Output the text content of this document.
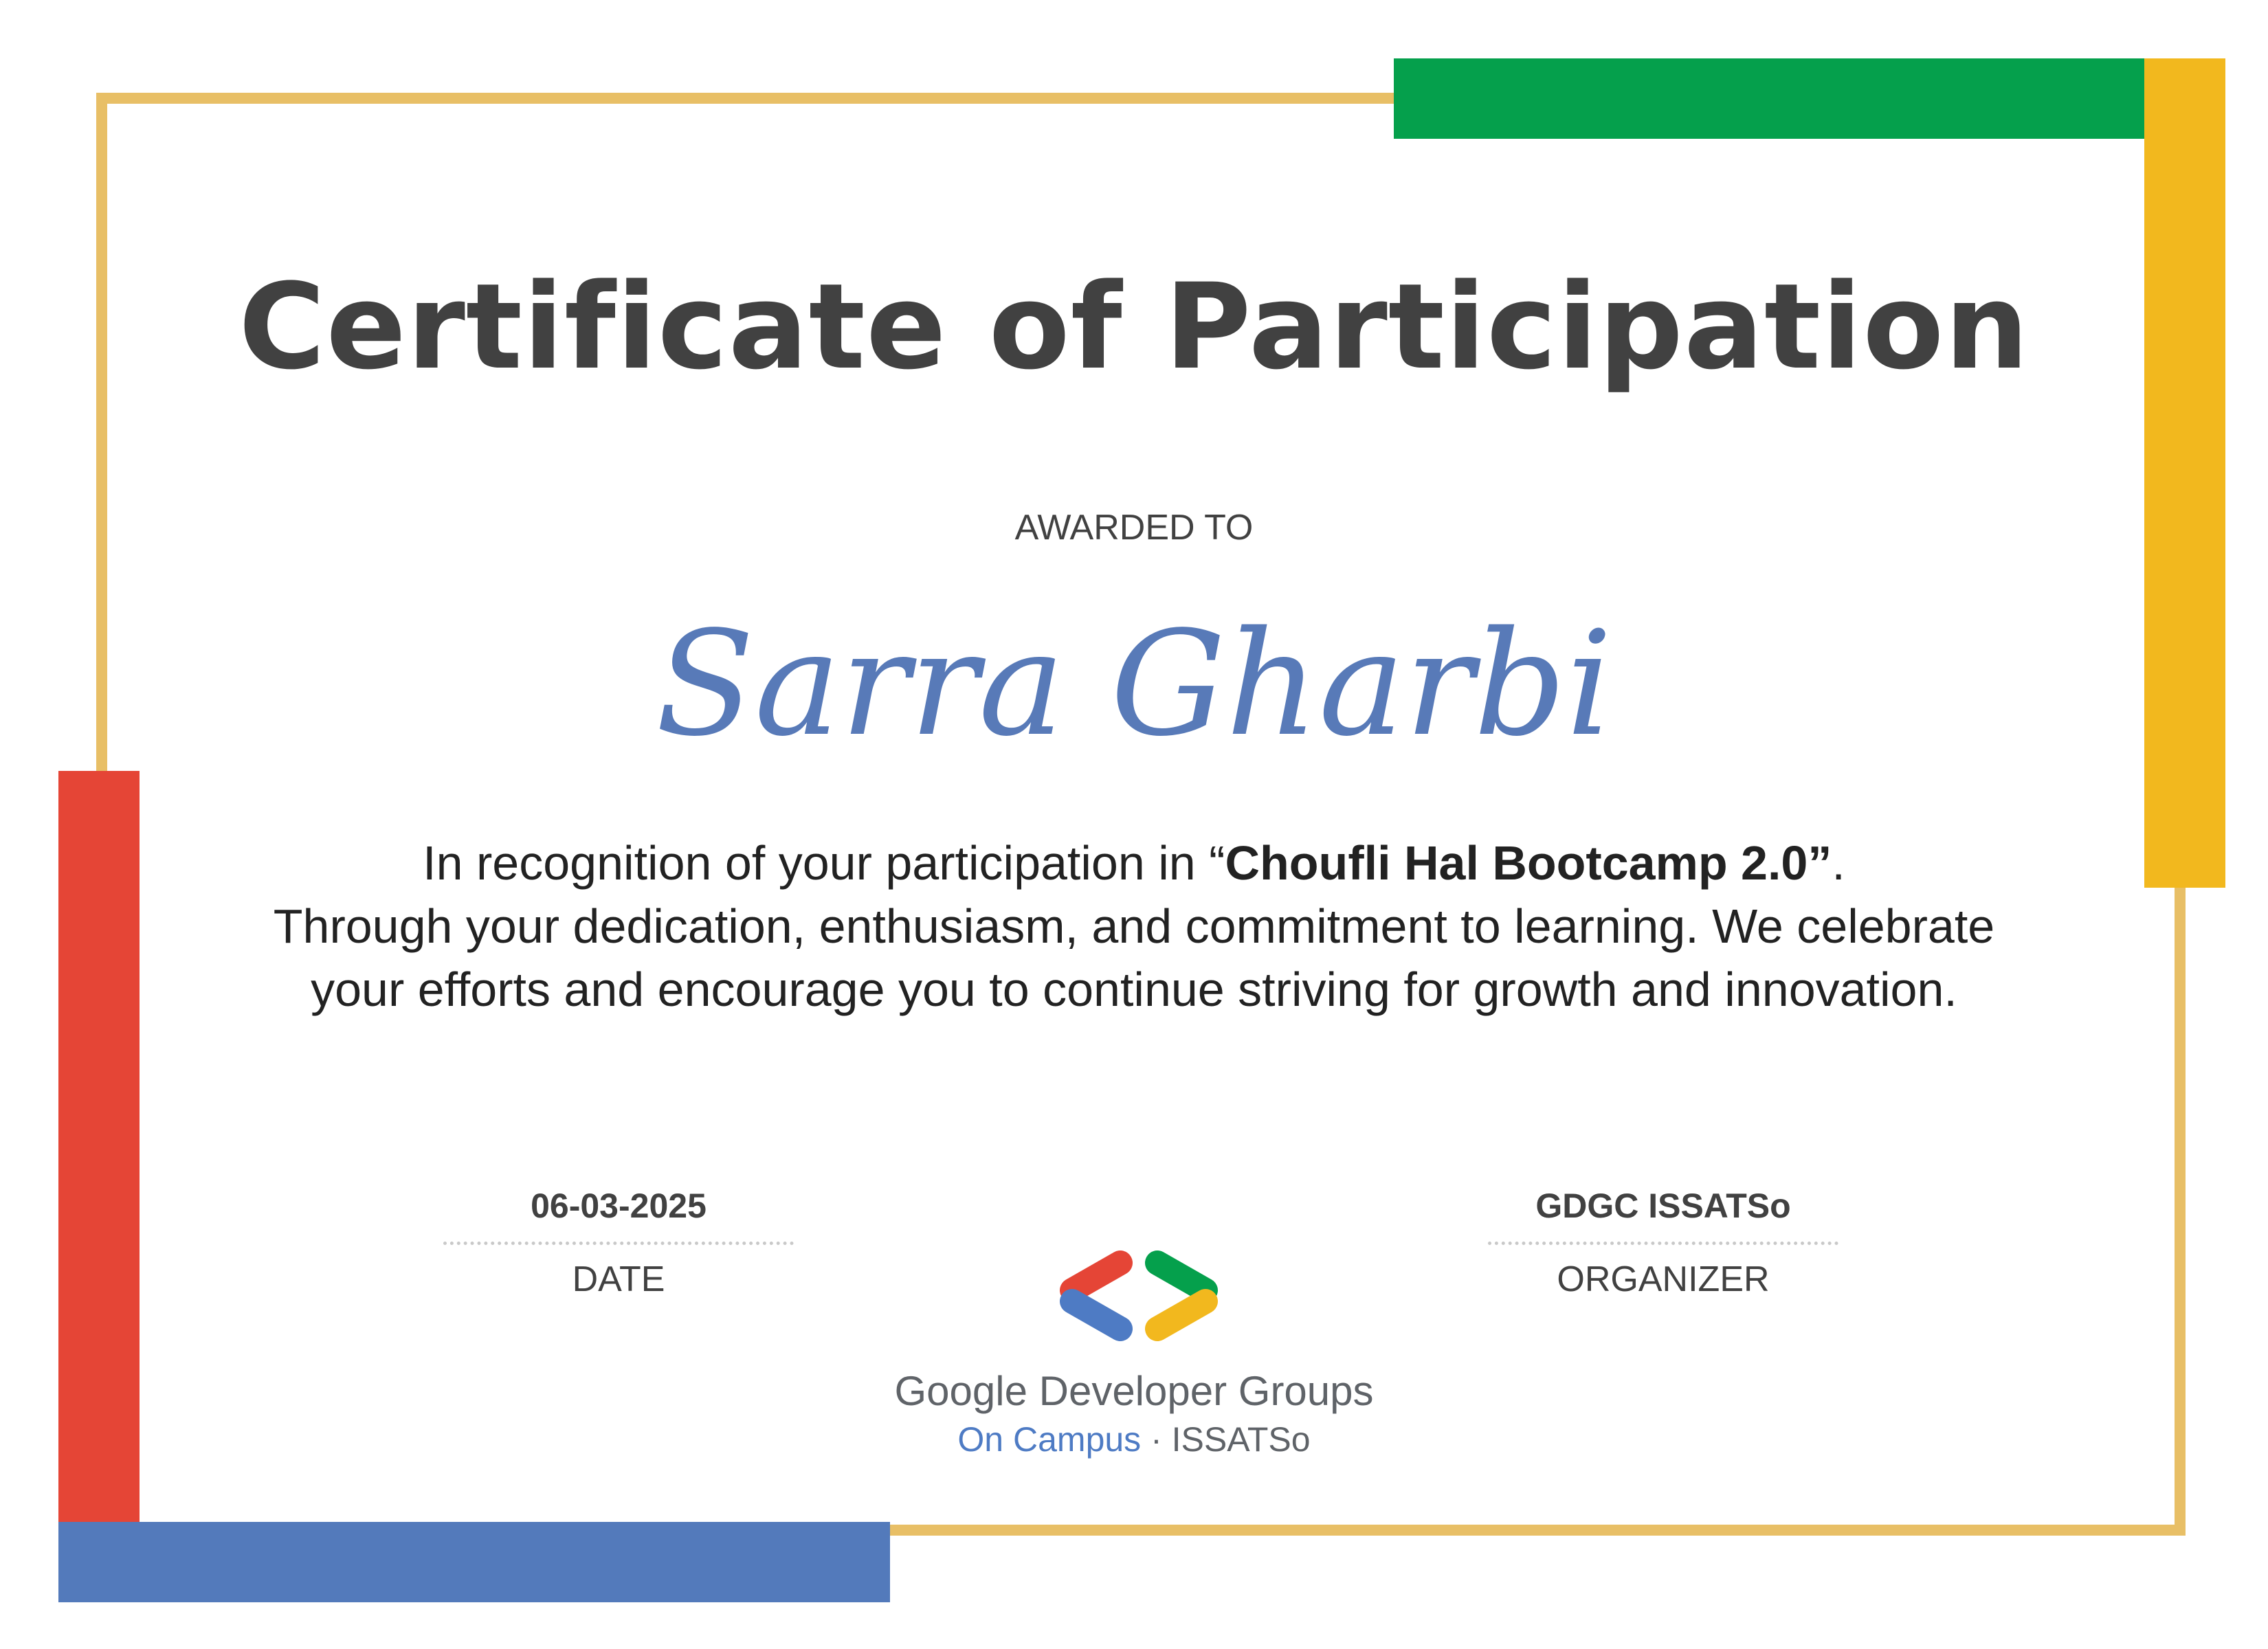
Certificate of Participation
AWARDED TO
Sarra Gharbi
In recognition of your participation in “Choufli Hal Bootcamp 2.0”.
Through your dedication, enthusiasm, and commitment to learning. We celebrate
your efforts and encourage you to continue striving for growth and innovation.
06-03-2025
DATE
GDGC ISSATSo
ORGANIZER
Google Developer Groups
On Campus · ISSATSo
